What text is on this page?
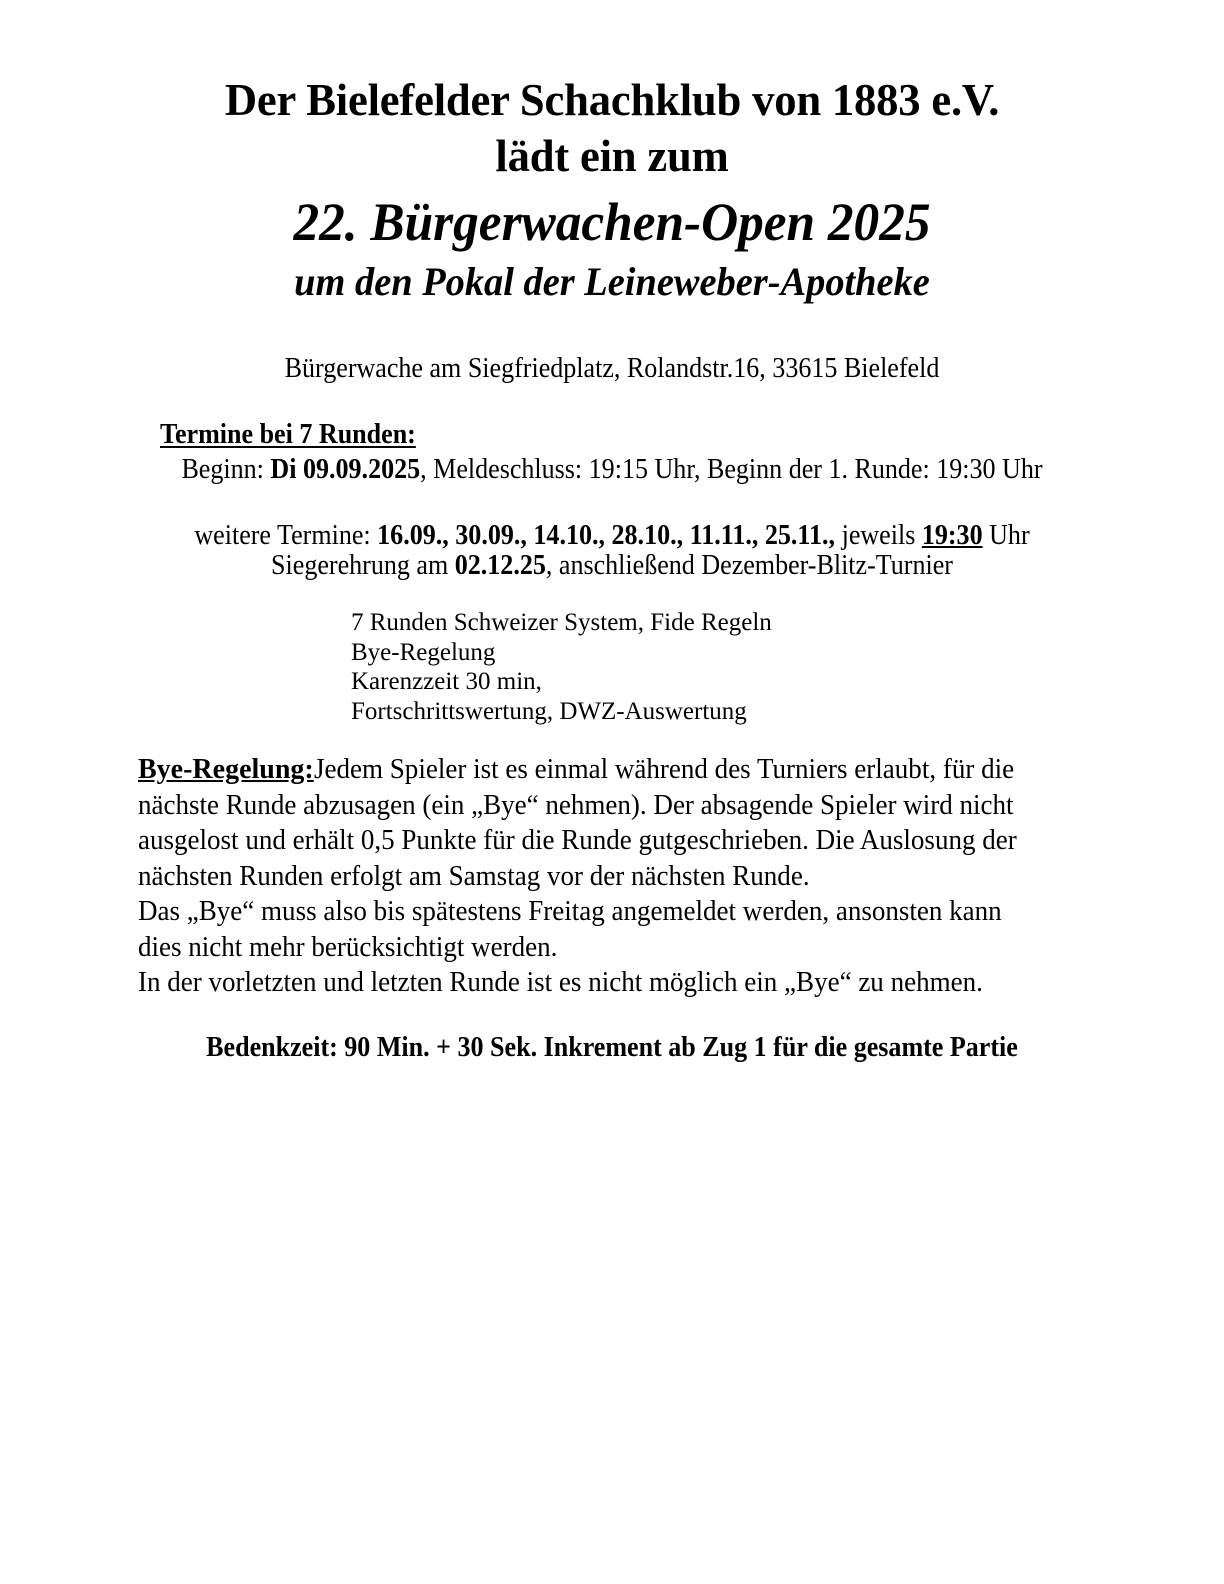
Der Bielefelder Schachklub von 1883 e.V.
lädt ein zum
22. Bürgerwachen-Open 2025
um den Pokal der Leineweber-Apotheke
Bürgerwache am Siegfriedplatz, Rolandstr.16, 33615 Bielefeld
Termine bei 7 Runden:
Beginn: Di 09.09.2025, Meldeschluss: 19:15 Uhr, Beginn der 1. Runde: 19:30 Uhr
weitere Termine: 16.09., 30.09., 14.10., 28.10., 11.11., 25.11., jeweils 19:30 Uhr
Siegerehrung am 02.12.25, anschließend Dezember-Blitz-Turnier
7 Runden Schweizer System, Fide Regeln
Bye-Regelung
Karenzzeit 30 min,
Fortschrittswertung, DWZ-Auswertung

Bye-Regelung:Jedem Spieler ist es einmal während des Turniers erlaubt, für die
nächste Runde abzusagen (ein „Bye“ nehmen). Der absagende Spieler wird nicht
ausgelost und erhält 0,5 Punkte für die Runde gutgeschrieben. Die Auslosung der
nächsten Runden erfolgt am Samstag vor der nächsten Runde.

Das „Bye“ muss also bis spätestens Freitag angemeldet werden, ansonsten kann
dies nicht mehr berücksichtigt werden.

In der vorletzten und letzten Runde ist es nicht möglich ein „Bye“ zu nehmen.

Bedenkzeit: 90 Min. + 30 Sek. Inkrement ab Zug 1 für die gesamte Partie
